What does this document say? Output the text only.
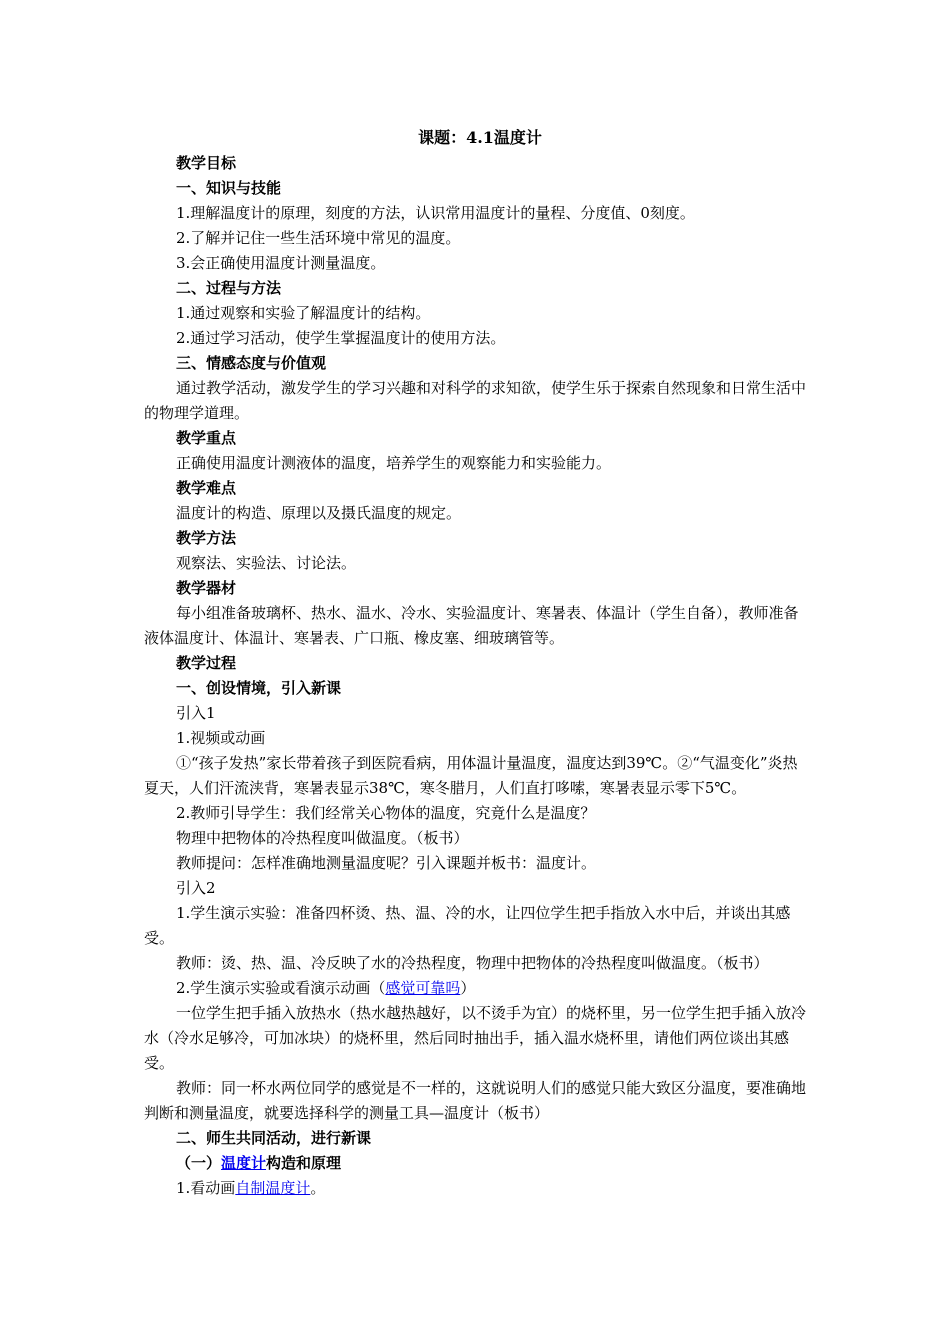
课题：4.1温度计

教学目标

一、知识与技能

1.理解温度计的原理，刻度的方法，认识常用温度计的量程、分度值、0刻度。

2.了解并记住一些生活环境中常见的温度。

3.会正确使用温度计测量温度。

二、过程与方法

1.通过观察和实验了解温度计的结构。

2.通过学习活动，使学生掌握温度计的使用方法。

三、情感态度与价值观

通过教学活动，激发学生的学习兴趣和对科学的求知欲，使学生乐于探索自然现象和日常生活中的物理学道理。

教学重点

正确使用温度计测液体的温度，培养学生的观察能力和实验能力。

教学难点

温度计的构造、原理以及摄氏温度的规定。

教学方法

观察法、实验法、讨论法。

教学器材

每小组准备玻璃杯、热水、温水、冷水、实验温度计、寒暑表、体温计（学生自备），教师准备液体温度计、体温计、寒暑表、广口瓶、橡皮塞、细玻璃管等。

教学过程

一、创设情境，引入新课

引入1

1.视频或动画

①“孩子发热”家长带着孩子到医院看病，用体温计量温度，温度达到39℃。②“气温变化”炎热夏天，人们汗流浃背，寒暑表显示38℃，寒冬腊月，人们直打哆嗦，寒暑表显示零下5℃。

2.教师引导学生：我们经常关心物体的温度，究竟什么是温度？

物理中把物体的冷热程度叫做温度。（板书）

教师提问：怎样准确地测量温度呢？引入课题并板书：温度计。

引入2

1.学生演示实验：准备四杯烫、热、温、冷的水，让四位学生把手指放入水中后，并谈出其感受。

教师：烫、热、温、冷反映了水的冷热程度，物理中把物体的冷热程度叫做温度。（板书）

2.学生演示实验或看演示动画（感觉可靠吗）

一位学生把手插入放热水（热水越热越好，以不烫手为宜）的烧杯里，另一位学生把手插入放冷水（冷水足够冷，可加冰块）的烧杯里，然后同时抽出手，插入温水烧杯里，请他们两位谈出其感受。

教师：同一杯水两位同学的感觉是不一样的，这就说明人们的感觉只能大致区分温度，要准确地判断和测量温度，就要选择科学的测量工具—温度计（板书）

二、师生共同活动，进行新课

（一）温度计构造和原理

1.看动画自制温度计。
